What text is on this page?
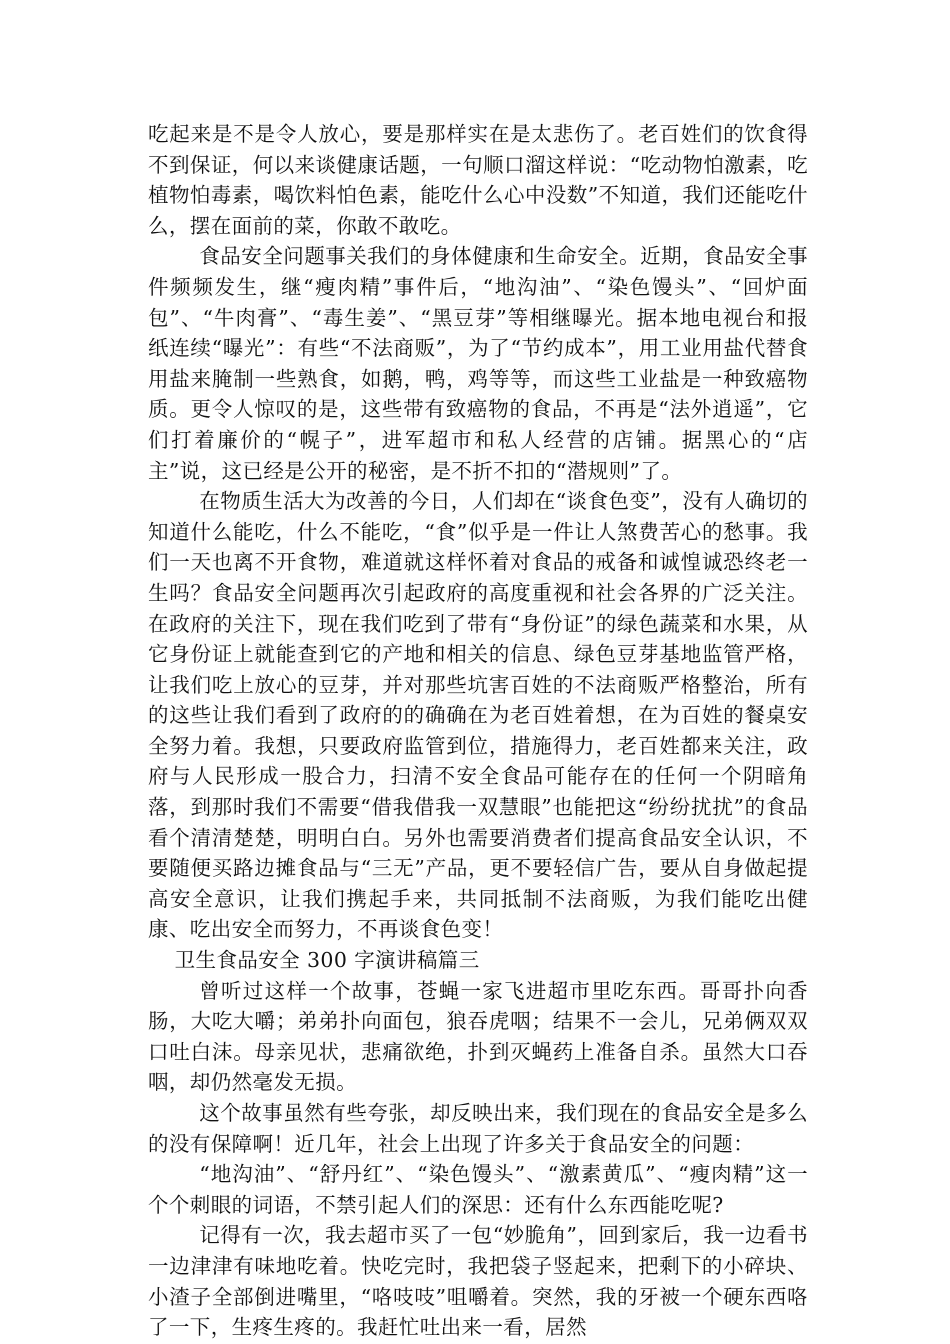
吃起来是不是令人放心，要是那样实在是太悲伤了。老百姓们的饮食得不到保证，何以来谈健康话题，一句顺口溜这样说：“吃动物怕激素，吃植物怕毒素，喝饮料怕色素，能吃什么心中没数”不知道，我们还能吃什么，摆在面前的菜，你敢不敢吃。

食品安全问题事关我们的身体健康和生命安全。近期，食品安全事件频频发生，继“瘦肉精”事件后，“地沟油”、“染色馒头”、“回炉面包”、“牛肉膏”、“毒生姜”、“黑豆芽”等相继曝光。据本地电视台和报纸连续“曝光”：有些“不法商贩”，为了“节约成本”，用工业用盐代替食用盐来腌制一些熟食，如鹅，鸭，鸡等等，而这些工业盐是一种致癌物质。更令人惊叹的是，这些带有致癌物的食品，不再是“法外逍遥”，它们打着廉价的“幌子”，进军超市和私人经营的店铺。据黑心的“店主”说，这已经是公开的秘密，是不折不扣的“潜规则”了。

在物质生活大为改善的今日，人们却在“谈食色变”，没有人确切的知道什么能吃，什么不能吃，“食”似乎是一件让人煞费苦心的愁事。我们一天也离不开食物，难道就这样怀着对食品的戒备和诚惶诚恐终老一生吗？食品安全问题再次引起政府的高度重视和社会各界的广泛关注。在政府的关注下，现在我们吃到了带有“身份证”的绿色蔬菜和水果，从它身份证上就能查到它的产地和相关的信息、绿色豆芽基地监管严格，让我们吃上放心的豆芽，并对那些坑害百姓的不法商贩严格整治，所有的这些让我们看到了政府的的确确在为老百姓着想，在为百姓的餐桌安全努力着。我想，只要政府监管到位，措施得力，老百姓都来关注，政府与人民形成一股合力，扫清不安全食品可能存在的任何一个阴暗角落，到那时我们不需要“借我借我一双慧眼”也能把这“纷纷扰扰”的食品看个清清楚楚，明明白白。另外也需要消费者们提高食品安全认识，不要随便买路边摊食品与“三无”产品，更不要轻信广告，要从自身做起提高安全意识，让我们携起手来，共同抵制不法商贩，为我们能吃出健康、吃出安全而努力，不再谈食色变！

卫生食品安全 300 字演讲稿篇三

曾听过这样一个故事，苍蝇一家飞进超市里吃东西。哥哥扑向香肠，大吃大嚼；弟弟扑向面包，狼吞虎咽；结果不一会儿，兄弟俩双双口吐白沫。母亲见状，悲痛欲绝，扑到灭蝇药上准备自杀。虽然大口吞咽，却仍然毫发无损。

这个故事虽然有些夸张，却反映出来，我们现在的食品安全是多么的没有保障啊！近几年，社会上出现了许多关于食品安全的问题：

“地沟油”、“舒丹红”、“染色馒头”、“激素黄瓜”、“瘦肉精”这一个个刺眼的词语，不禁引起人们的深思：还有什么东西能吃呢?

记得有一次，我去超市买了一包“妙脆角”，回到家后，我一边看书一边津津有味地吃着。快吃完时，我把袋子竖起来，把剩下的小碎块、小渣子全部倒进嘴里，“咯吱吱”咀嚼着。突然，我的牙被一个硬东西咯了一下，生疼生疼的。我赶忙吐出来一看，居然
